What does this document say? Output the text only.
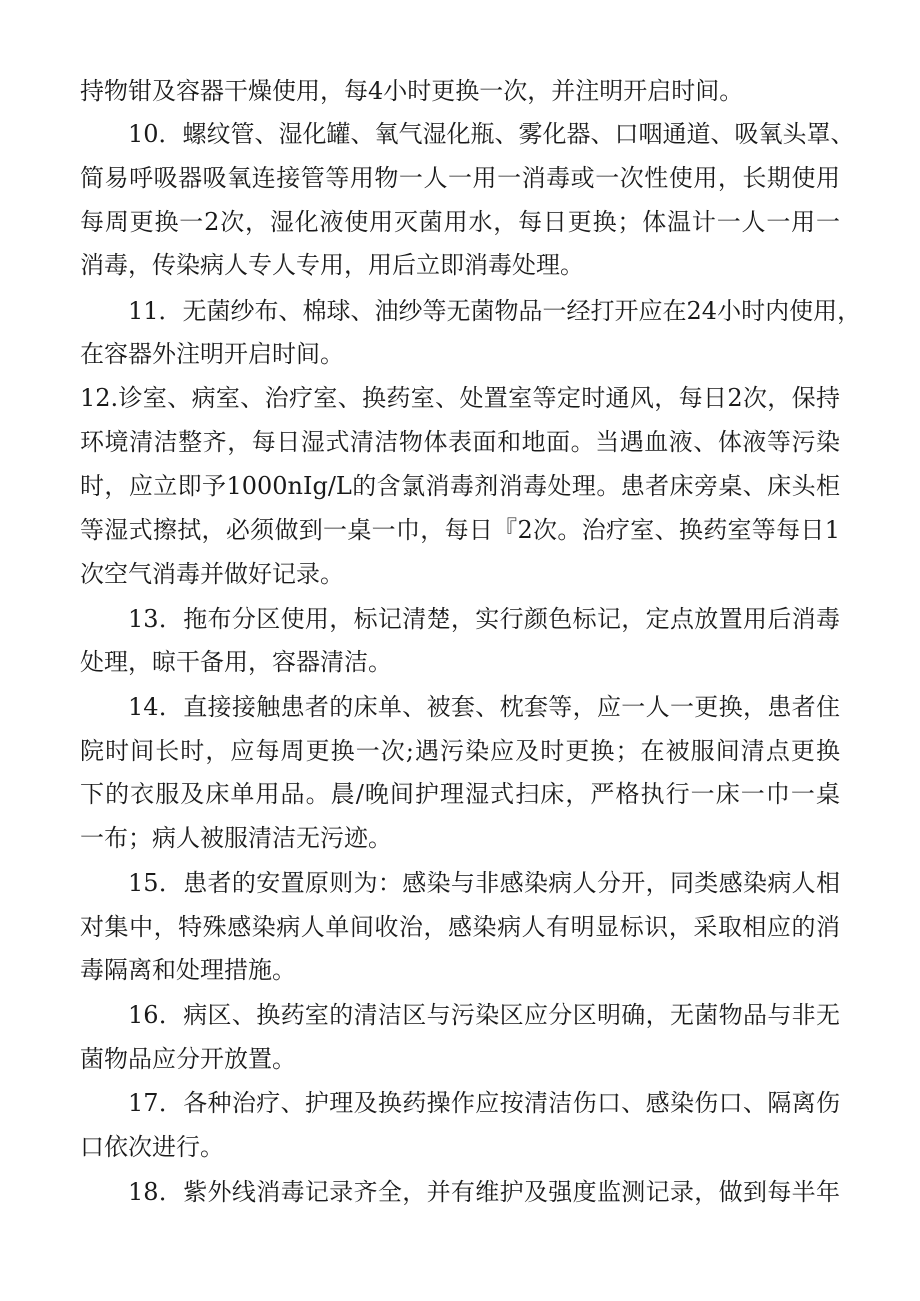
持物钳及容器干燥使用，每4小时更换一次，并注明开启时间。
10．螺纹管、湿化罐、氧气湿化瓶、雾化器、口咽通道、吸氧头罩、
简易呼吸器吸氧连接管等用物一人一用一消毒或一次性使用，长期使用
每周更换一2次，湿化液使用灭菌用水，每日更换；体温计一人一用一
消毒，传染病人专人专用，用后立即消毒处理。
11．无菌纱布、棉球、油纱等无菌物品一经打开应在24小时内使用，
在容器外注明开启时间。
12.诊室、病室、治疗室、换药室、处置室等定时通风，每日2次，保持
环境清洁整齐，每日湿式清洁物体表面和地面。当遇血液、体液等污染
时，应立即予1000nIg/L的含氯消毒剂消毒处理。患者床旁桌、床头柜
等湿式擦拭，必须做到一桌一巾，每日『2次。治疗室、换药室等每日1
次空气消毒并做好记录。
13．拖布分区使用，标记清楚，实行颜色标记，定点放置用后消毒
处理，晾干备用，容器清洁。
14．直接接触患者的床单、被套、枕套等，应一人一更换，患者住
院时间长时，应每周更换一次;遇污染应及时更换；在被服间清点更换
下的衣服及床单用品。晨/晚间护理湿式扫床，严格执行一床一巾一桌
一布；病人被服清洁无污迹。
15．患者的安置原则为：感染与非感染病人分开，同类感染病人相
对集中，特殊感染病人单间收治，感染病人有明显标识，采取相应的消
毒隔离和处理措施。
16．病区、换药室的清洁区与污染区应分区明确，无菌物品与非无
菌物品应分开放置。
17．各种治疗、护理及换药操作应按清洁伤口、感染伤口、隔离伤
口依次进行。
18．紫外线消毒记录齐全，并有维护及强度监测记录，做到每半年
